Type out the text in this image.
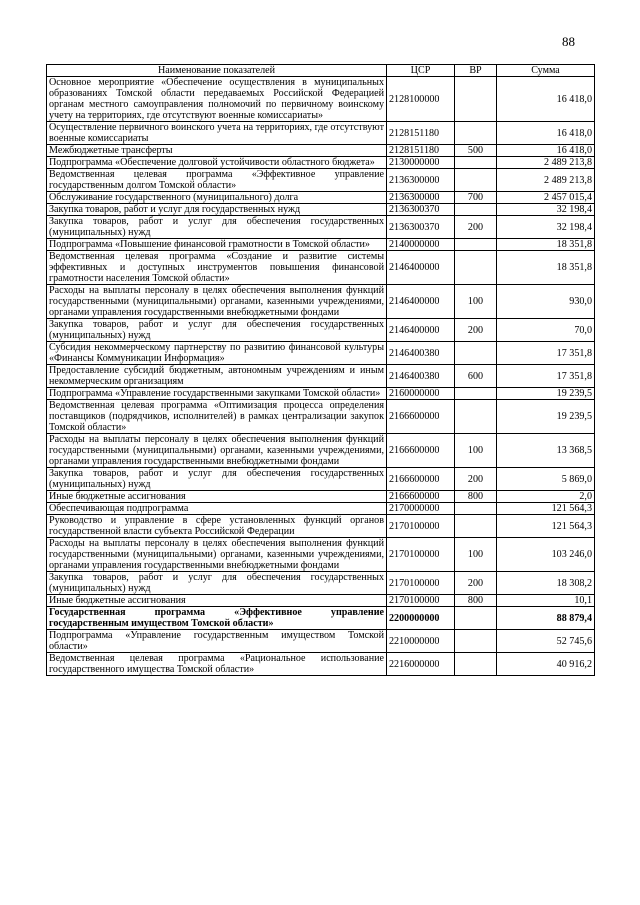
88
Наименование показателей	ЦСР	ВР	Сумма
Основное мероприятие «Обеспечение осуществления в муниципальных образованиях Томской области передаваемых Российской Федерацией органам местного самоуправления полномочий по первичному воинскому учету на территориях, где отсутствуют военные комиссариаты»	2128100000		16 418,0
Осуществление первичного воинского учета на территориях, где отсутствуют военные комиссариаты	2128151180		16 418,0
Межбюджетные трансферты	2128151180	500	16 418,0
Подпрограмма «Обеспечение долговой устойчивости областного бюджета»	2130000000		2 489 213,8
Ведомственная целевая программа «Эффективное управление государственным долгом Томской области»	2136300000		2 489 213,8
Обслуживание государственного (муниципального) долга	2136300000	700	2 457 015,4
Закупка товаров, работ и услуг для государственных нужд	2136300370		32 198,4
Закупка товаров, работ и услуг для обеспечения государственных (муниципальных) нужд	2136300370	200	32 198,4
Подпрограмма «Повышение финансовой грамотности в Томской области»	2140000000		18 351,8
Ведомственная целевая программа «Создание и развитие системы эффективных и доступных инструментов повышения финансовой грамотности населения Томской области»	2146400000		18 351,8
Расходы на выплаты персоналу в целях обеспечения выполнения функций государственными (муниципальными) органами, казенными учреждениями, органами управления государственными внебюджетными фондами	2146400000	100	930,0
Закупка товаров, работ и услуг для обеспечения государственных (муниципальных) нужд	2146400000	200	70,0
Субсидия некоммерческому партнерству по развитию финансовой культуры «Финансы Коммуникации Информация»	2146400380		17 351,8
Предоставление субсидий бюджетным, автономным учреждениям и иным некоммерческим организациям	2146400380	600	17 351,8
Подпрограмма «Управление государственными закупками Томской области»	2160000000		19 239,5
Ведомственная целевая программа «Оптимизация процесса определения поставщиков (подрядчиков, исполнителей) в рамках централизации закупок Томской области»	2166600000		19 239,5
Расходы на выплаты персоналу в целях обеспечения выполнения функций государственными (муниципальными) органами, казенными учреждениями, органами управления государственными внебюджетными фондами	2166600000	100	13 368,5
Закупка товаров, работ и услуг для обеспечения государственных (муниципальных) нужд	2166600000	200	5 869,0
Иные бюджетные ассигнования	2166600000	800	2,0
Обеспечивающая подпрограмма	2170000000		121 564,3
Руководство и управление в сфере установленных функций органов государственной власти субъекта Российской Федерации	2170100000		121 564,3
Расходы на выплаты персоналу в целях обеспечения выполнения функций государственными (муниципальными) органами, казенными учреждениями, органами управления государственными внебюджетными фондами	2170100000	100	103 246,0
Закупка товаров, работ и услуг для обеспечения государственных (муниципальных) нужд	2170100000	200	18 308,2
Иные бюджетные ассигнования	2170100000	800	10,1
Государственная программа «Эффективное управление государственным имуществом Томской области»	2200000000		88 879,4
Подпрограмма «Управление государственным имуществом Томской области»	2210000000		52 745,6
Ведомственная целевая программа «Рациональное использование государственного имущества Томской области»	2216000000		40 916,2
